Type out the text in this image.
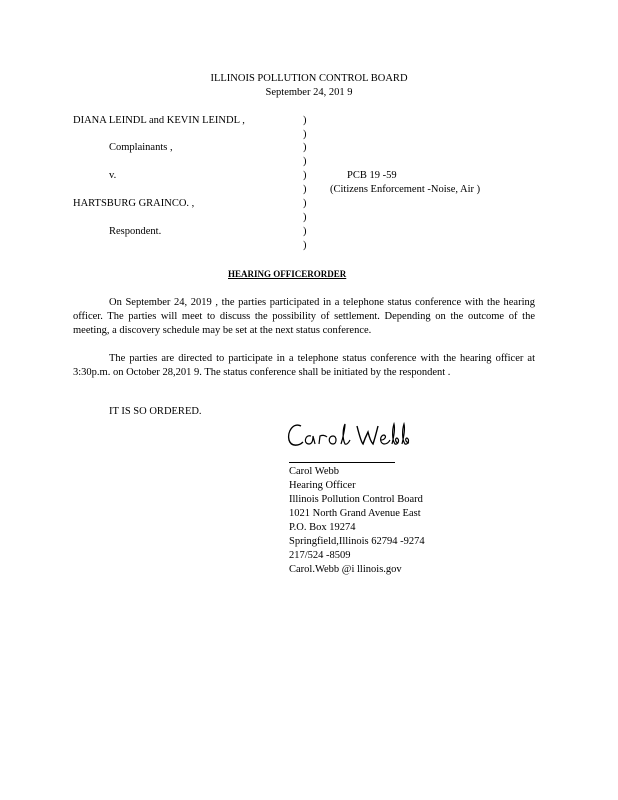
ILLINOIS POLLUTION CONTROL BOARD
September 24, 201 9
DIANA LEINDL and KEVIN LEINDL ,
Complainants ,
v.
HARTSBURG GRAINCO. ,
Respondent.
)
)
)
)
)
)
)
)
)
)
PCB 19 -59
(Citizens Enforcement -Noise, Air )
HEARING OFFICERORDER

On September 24, 2019 , the parties participated in a telephone status conference with the hearing officer. The parties will meet to discuss the possibility of settlement. Depending on the outcome of the meeting, a discovery schedule may be set at the next status conference.

The parties are directed to participate in a telephone status conference with the hearing officer at 3:30p.m. on October 28,201 9. The status conference shall be initiated by the respondent .

IT IS SO ORDERED.
Carol Webb
Hearing Officer
Illinois Pollution Control Board
1021 North Grand Avenue East
P.O. Box 19274
Springfield,Illinois 62794 -9274
217/524 -8509
Carol.Webb @i llinois.gov
